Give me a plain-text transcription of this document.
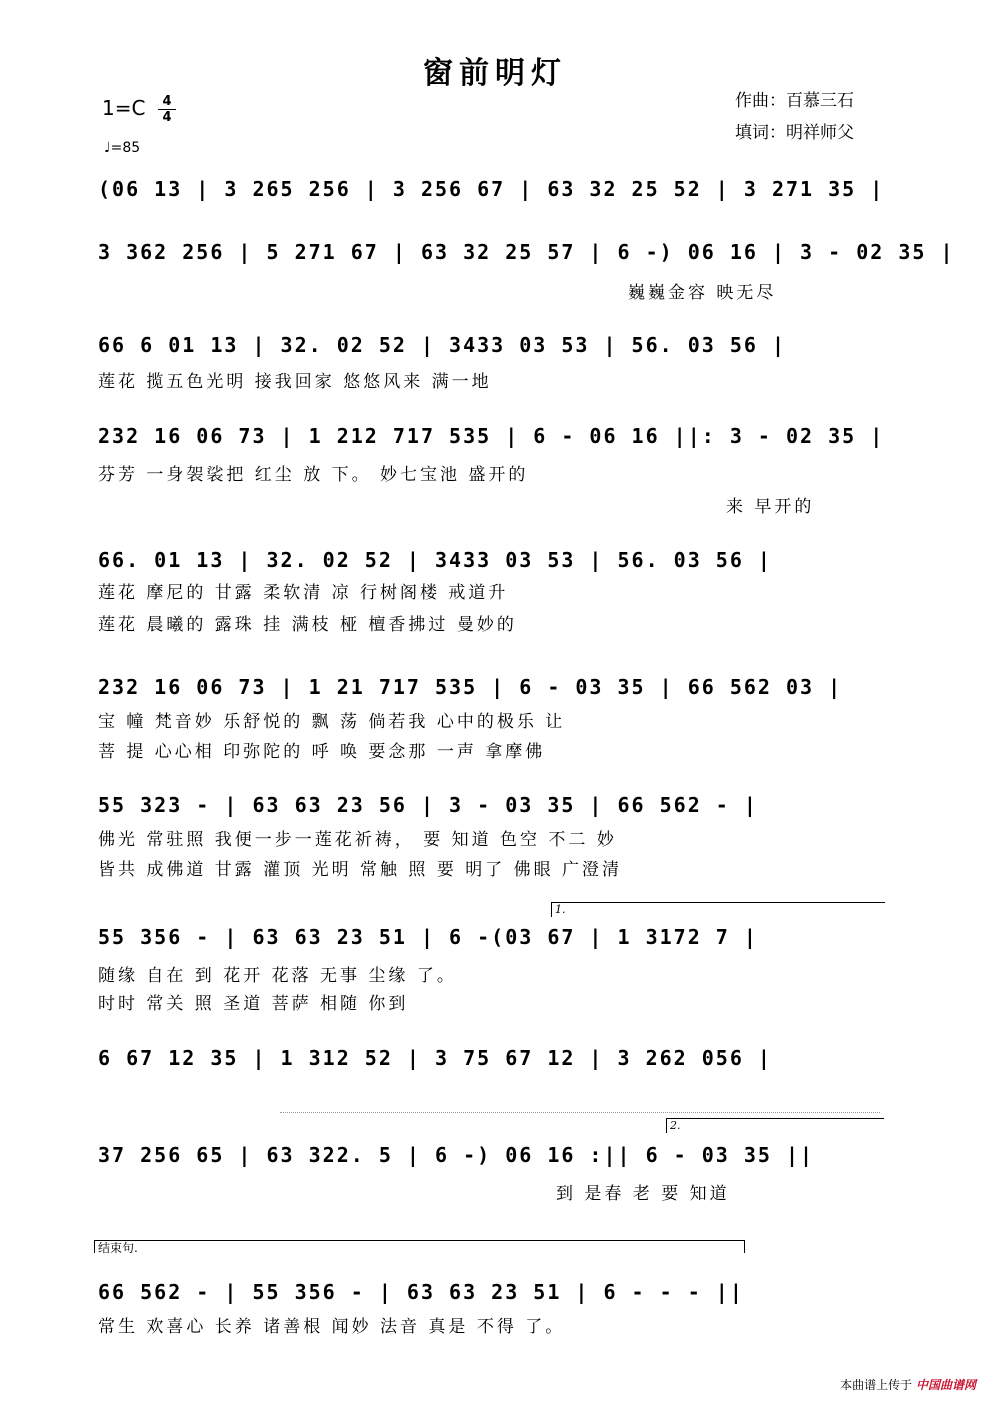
窗前明灯
1=C	4
4
♩=85
作曲：百慕三石
填词：明祥师父
(06 13 | 3 265 256 | 3 256 67 | 63 32 25 52 | 3 271 35 |
3 362 256 | 5 271 67 | 63 32 25 57 | 6 -) 06 16 | 3 - 02 35 |
巍巍金容 映无尽
66 6 01 13 | 32. 02 52 | 3433 03 53 | 56. 03 56 |
莲花 揽五色光明 接我回家 悠悠风来 满一地
232 16 06 73 | 1 212 717 535 | 6 - 06 16 ||: 3 - 02 35 |
芬芳 一身袈裟把 红尘 放 下。 妙七宝池 盛开的
来 早开的
66. 01 13 | 32. 02 52 | 3433 03 53 | 56. 03 56 |
莲花 摩尼的 甘露 柔软清 凉 行树阁楼 戒道升
莲花 晨曦的 露珠 挂 满枝 桠 檀香拂过 曼妙的
232 16 06 73 | 1 21 717 535 | 6 - 03 35 | 66 562 03 |
宝 幢 梵音妙 乐舒悦的 飘 荡 倘若我 心中的极乐 让
菩 提 心心相 印弥陀的 呼 唤 要念那 一声 拿摩佛
55 323 - | 63 63 23 56 | 3 - 03 35 | 66 562 - |
佛光 常驻照 我便一步一莲花祈祷， 要 知道 色空 不二 妙
皆共 成佛道 甘露 灌顶 光明 常触 照 要 明了 佛眼 广澄清
1.
55 356 - | 63 63 23 51 | 6 -(03 67 | 1 3172 7 |
随缘 自在 到 花开 花落 无事 尘缘 了。
时时 常关 照 圣道 菩萨 相随 你到
6 67 12 35 | 1 312 52 | 3 75 67 12 | 3 262 056 |
2.
37 256 65 | 63 322. 5 | 6 -) 06 16 :|| 6 - 03 35 ||
到 是春 老 要 知道
结束句.
66 562 - | 55 356 - | 63 63 23 51 | 6 - - - ||
常生 欢喜心 长养 诸善根 闻妙 法音 真是 不得 了。
本曲谱上传于 中国曲谱网
